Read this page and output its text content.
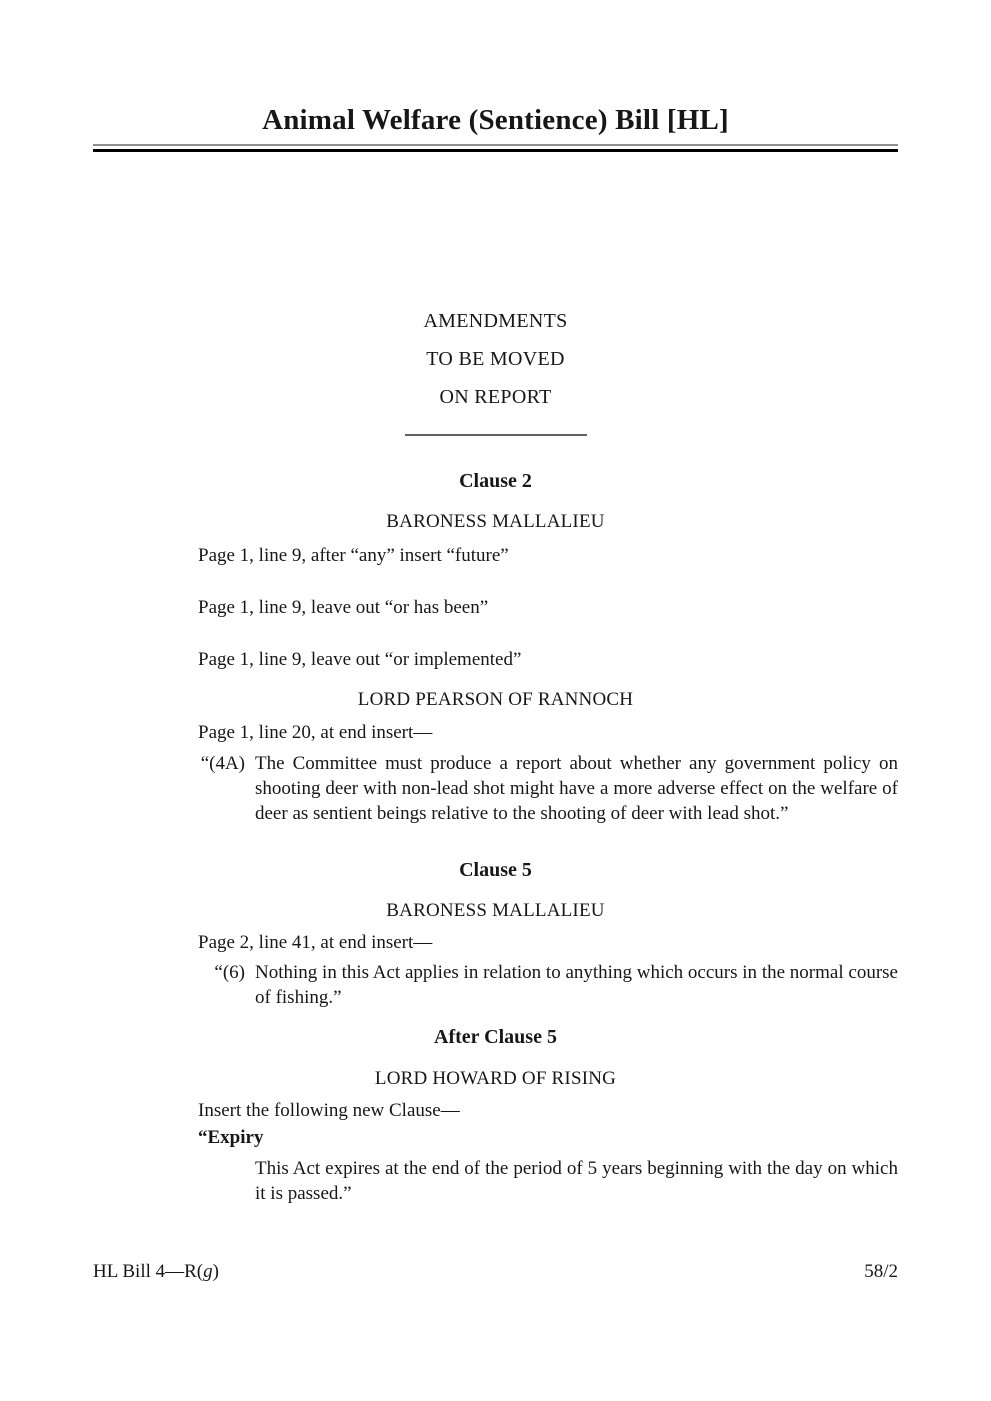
Animal Welfare (Sentience) Bill [HL]
AMENDMENTS
TO BE MOVED
ON REPORT
Clause 2
BARONESS MALLALIEU
Page 1, line 9, after “any” insert “future”
Page 1, line 9, leave out “or has been”
Page 1, line 9, leave out “or implemented”
LORD PEARSON OF RANNOCH
Page 1, line 20, at end insert—
“(4A) The Committee must produce a report about whether any government policy on shooting deer with non-lead shot might have a more adverse effect on the welfare of deer as sentient beings relative to the shooting of deer with lead shot.”
Clause 5
BARONESS MALLALIEU
Page 2, line 41, at end insert—
“(6) Nothing in this Act applies in relation to anything which occurs in the normal course of fishing.”
After Clause 5
LORD HOWARD OF RISING
Insert the following new Clause—
“Expiry
This Act expires at the end of the period of 5 years beginning with the day on which it is passed.”
HL Bill 4—R(g)	58/2
